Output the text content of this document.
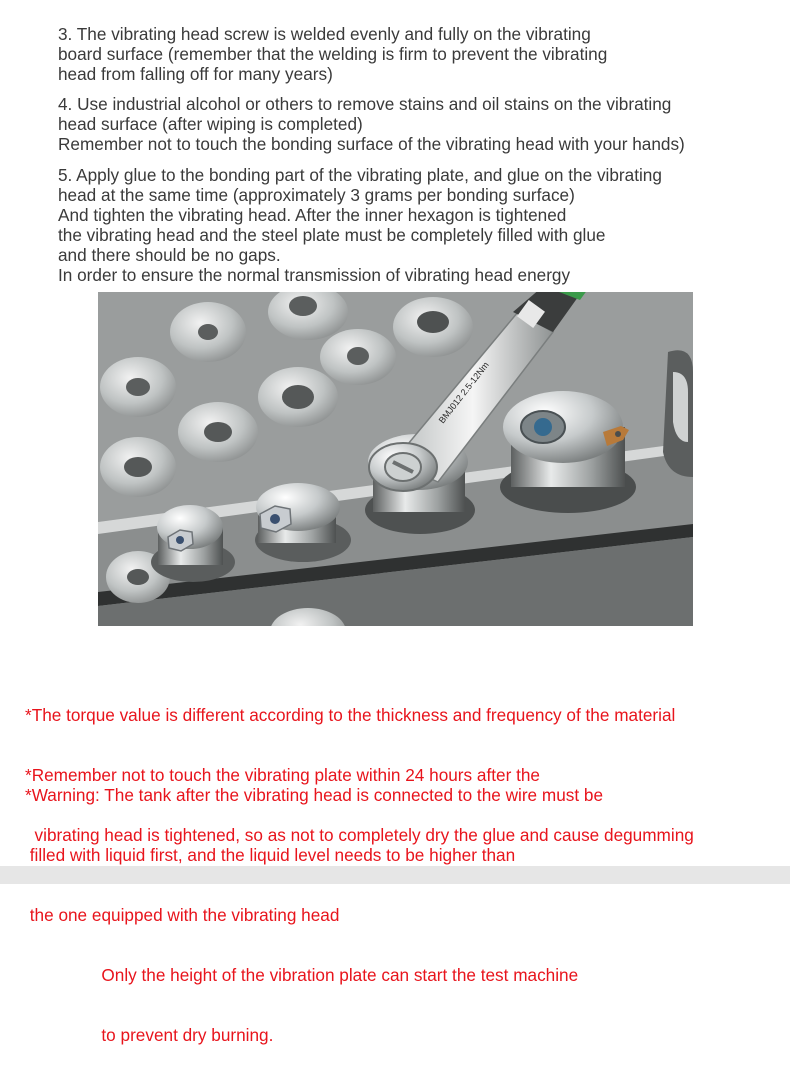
3. The vibrating head screw is welded evenly and fully on the vibrating
board surface (remember that the welding is firm to prevent the vibrating
head from falling off for many years)
4. Use industrial alcohol or others to remove stains and oil stains on the vibrating
head surface (after wiping is completed)
Remember not to touch the bonding surface of the vibrating head with your hands)
5. Apply glue to the bonding part of the vibrating plate, and glue on the vibrating
head at the same time (approximately 3 grams per bonding surface)
And tighten the vibrating head. After the inner hexagon is tightened
the vibrating head and the steel plate must be completely filled with glue
and there should be no gaps.
In order to ensure the normal transmission of vibrating head energy
BMJ012 2.5-12Nm

*The torque value is different according to the thickness and frequency of the material

*Remember not to touch the vibrating plate within 24 hours after the

vibrating head is tightened, so as not to completely dry the glue and cause degumming

*Warning: The tank after the vibrating head is connected to the wire must be

filled with liquid first, and the liquid level needs to be higher than

the one equipped with the vibrating head

Only the height of the vibration plate can start the test machine

to prevent dry burning.
